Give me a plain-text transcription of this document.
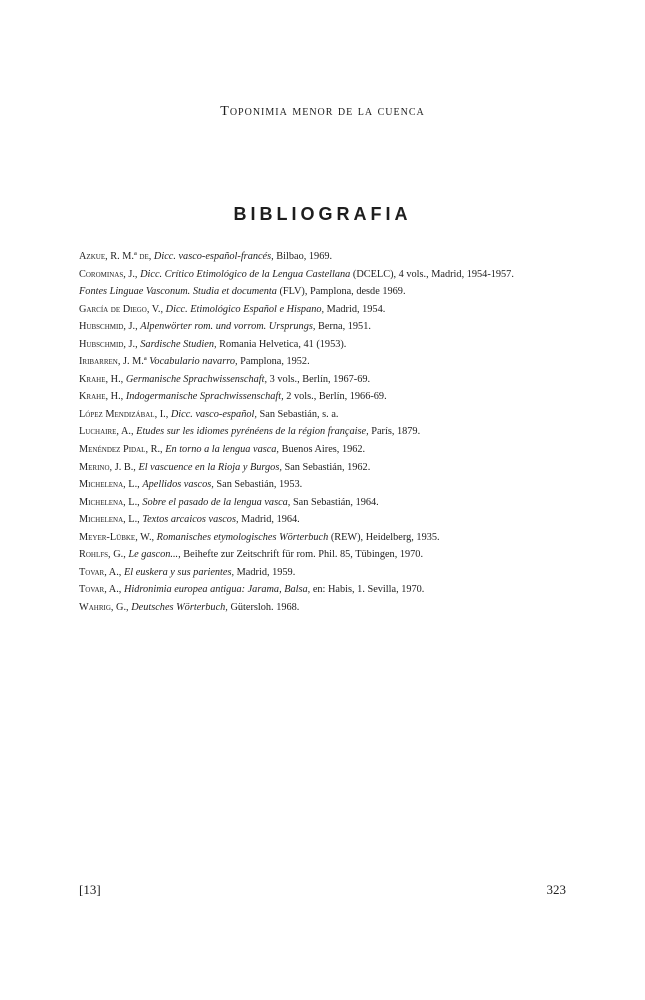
Toponimia menor de la cuenca
BIBLIOGRAFIA
Azkue, R. M.ª de, Dicc. vasco-español-francés, Bilbao, 1969.
Corominas, J., Dicc. Crítico Etimológico de la Lengua Castellana (DCELC), 4 vols., Madrid, 1954-1957.
Fontes Linguae Vasconum. Studia et documenta (FLV), Pamplona, desde 1969.
García de Diego, V., Dicc. Etimológico Español e Hispano, Madrid, 1954.
Hubschmid, J., Alpenwörter rom. und vorrom. Ursprungs, Berna, 1951.
Hubschmid, J., Sardische Studien, Romania Helvetica, 41 (1953).
Iribarren, J. M.ª Vocabulario navarro, Pamplona, 1952.
Krahe, H., Germanische Sprachwissenschaft, 3 vols., Berlín, 1967-69.
Krahe, H., Indogermanische Sprachwissenschaft, 2 vols., Berlín, 1966-69.
López Mendizábal, I., Dicc. vasco-español, San Sebastián, s. a.
Luchaire, A., Etudes sur les idiomes pyrénéens de la région française, París, 1879.
Menéndez Pidal, R., En torno a la lengua vasca, Buenos Aires, 1962.
Merino, J. B., El vascuence en la Rioja y Burgos, San Sebastián, 1962.
Michelena, L., Apellidos vascos, San Sebastián, 1953.
Michelena, L., Sobre el pasado de la lengua vasca, San Sebastián, 1964.
Michelena, L., Textos arcaicos vascos, Madrid, 1964.
Meyer-Lübke, W., Romanisches etymologisches Wörterbuch (REW), Heidelberg, 1935.
Rohlfs, G., Le gascon..., Beihefte zur Zeitschrift für rom. Phil. 85, Tübingen, 1970.
Tovar, A., El euskera y sus parientes, Madrid, 1959.
Tovar, A., Hidronimia europea antigua: Jarama, Balsa, en: Habis, 1. Sevilla, 1970.
Wahrig, G., Deutsches Wörterbuch, Gütersloh. 1968.
[13]	323
